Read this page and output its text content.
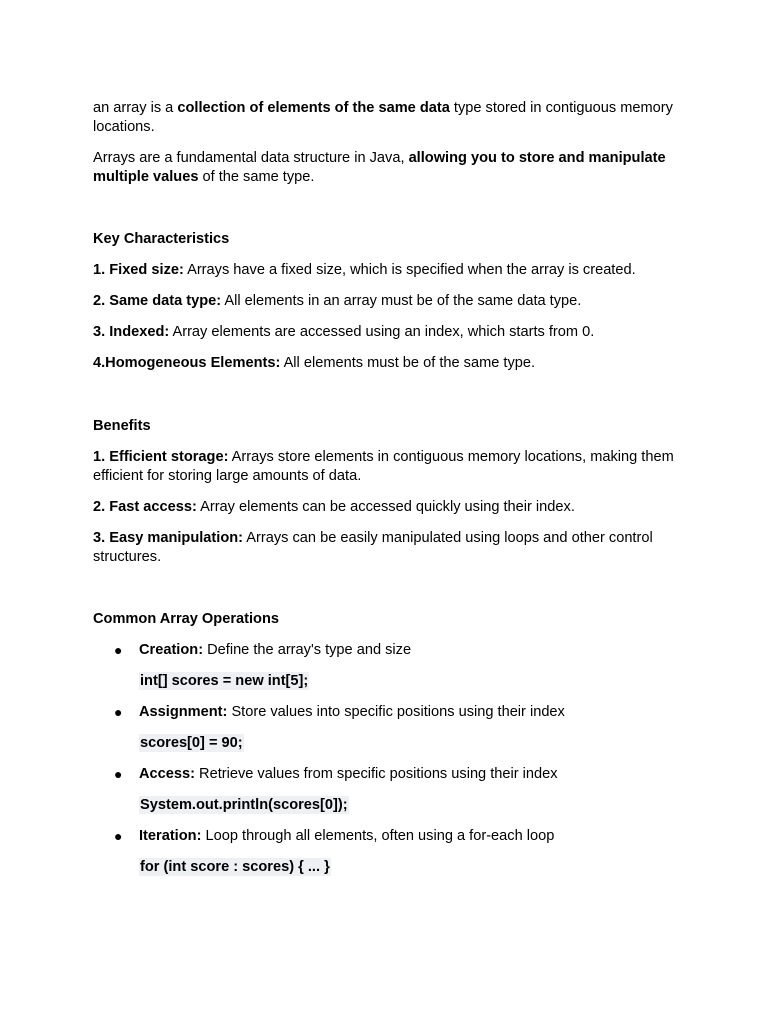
an array is a collection of elements of the same data type stored in contiguous memory locations.

Arrays are a fundamental data structure in Java, allowing you to store and manipulate multiple values of the same type.

Key Characteristics

1. Fixed size: Arrays have a fixed size, which is specified when the array is created.

2. Same data type: All elements in an array must be of the same data type.

3. Indexed: Array elements are accessed using an index, which starts from 0.

4.Homogeneous Elements: All elements must be of the same type.

Benefits

1. Efficient storage: Arrays store elements in contiguous memory locations, making them efficient for storing large amounts of data.

2. Fast access: Array elements can be accessed quickly using their index.

3. Easy manipulation: Arrays can be easily manipulated using loops and other control structures.

Common Array Operations

● Creation: Define the array's type and size

int[] scores = new int[5];

● Assignment: Store values into specific positions using their index

scores[0] = 90;

● Access: Retrieve values from specific positions using their index

System.out.println(scores[0]);

● Iteration: Loop through all elements, often using a for-each loop

for (int score : scores) { ... }
